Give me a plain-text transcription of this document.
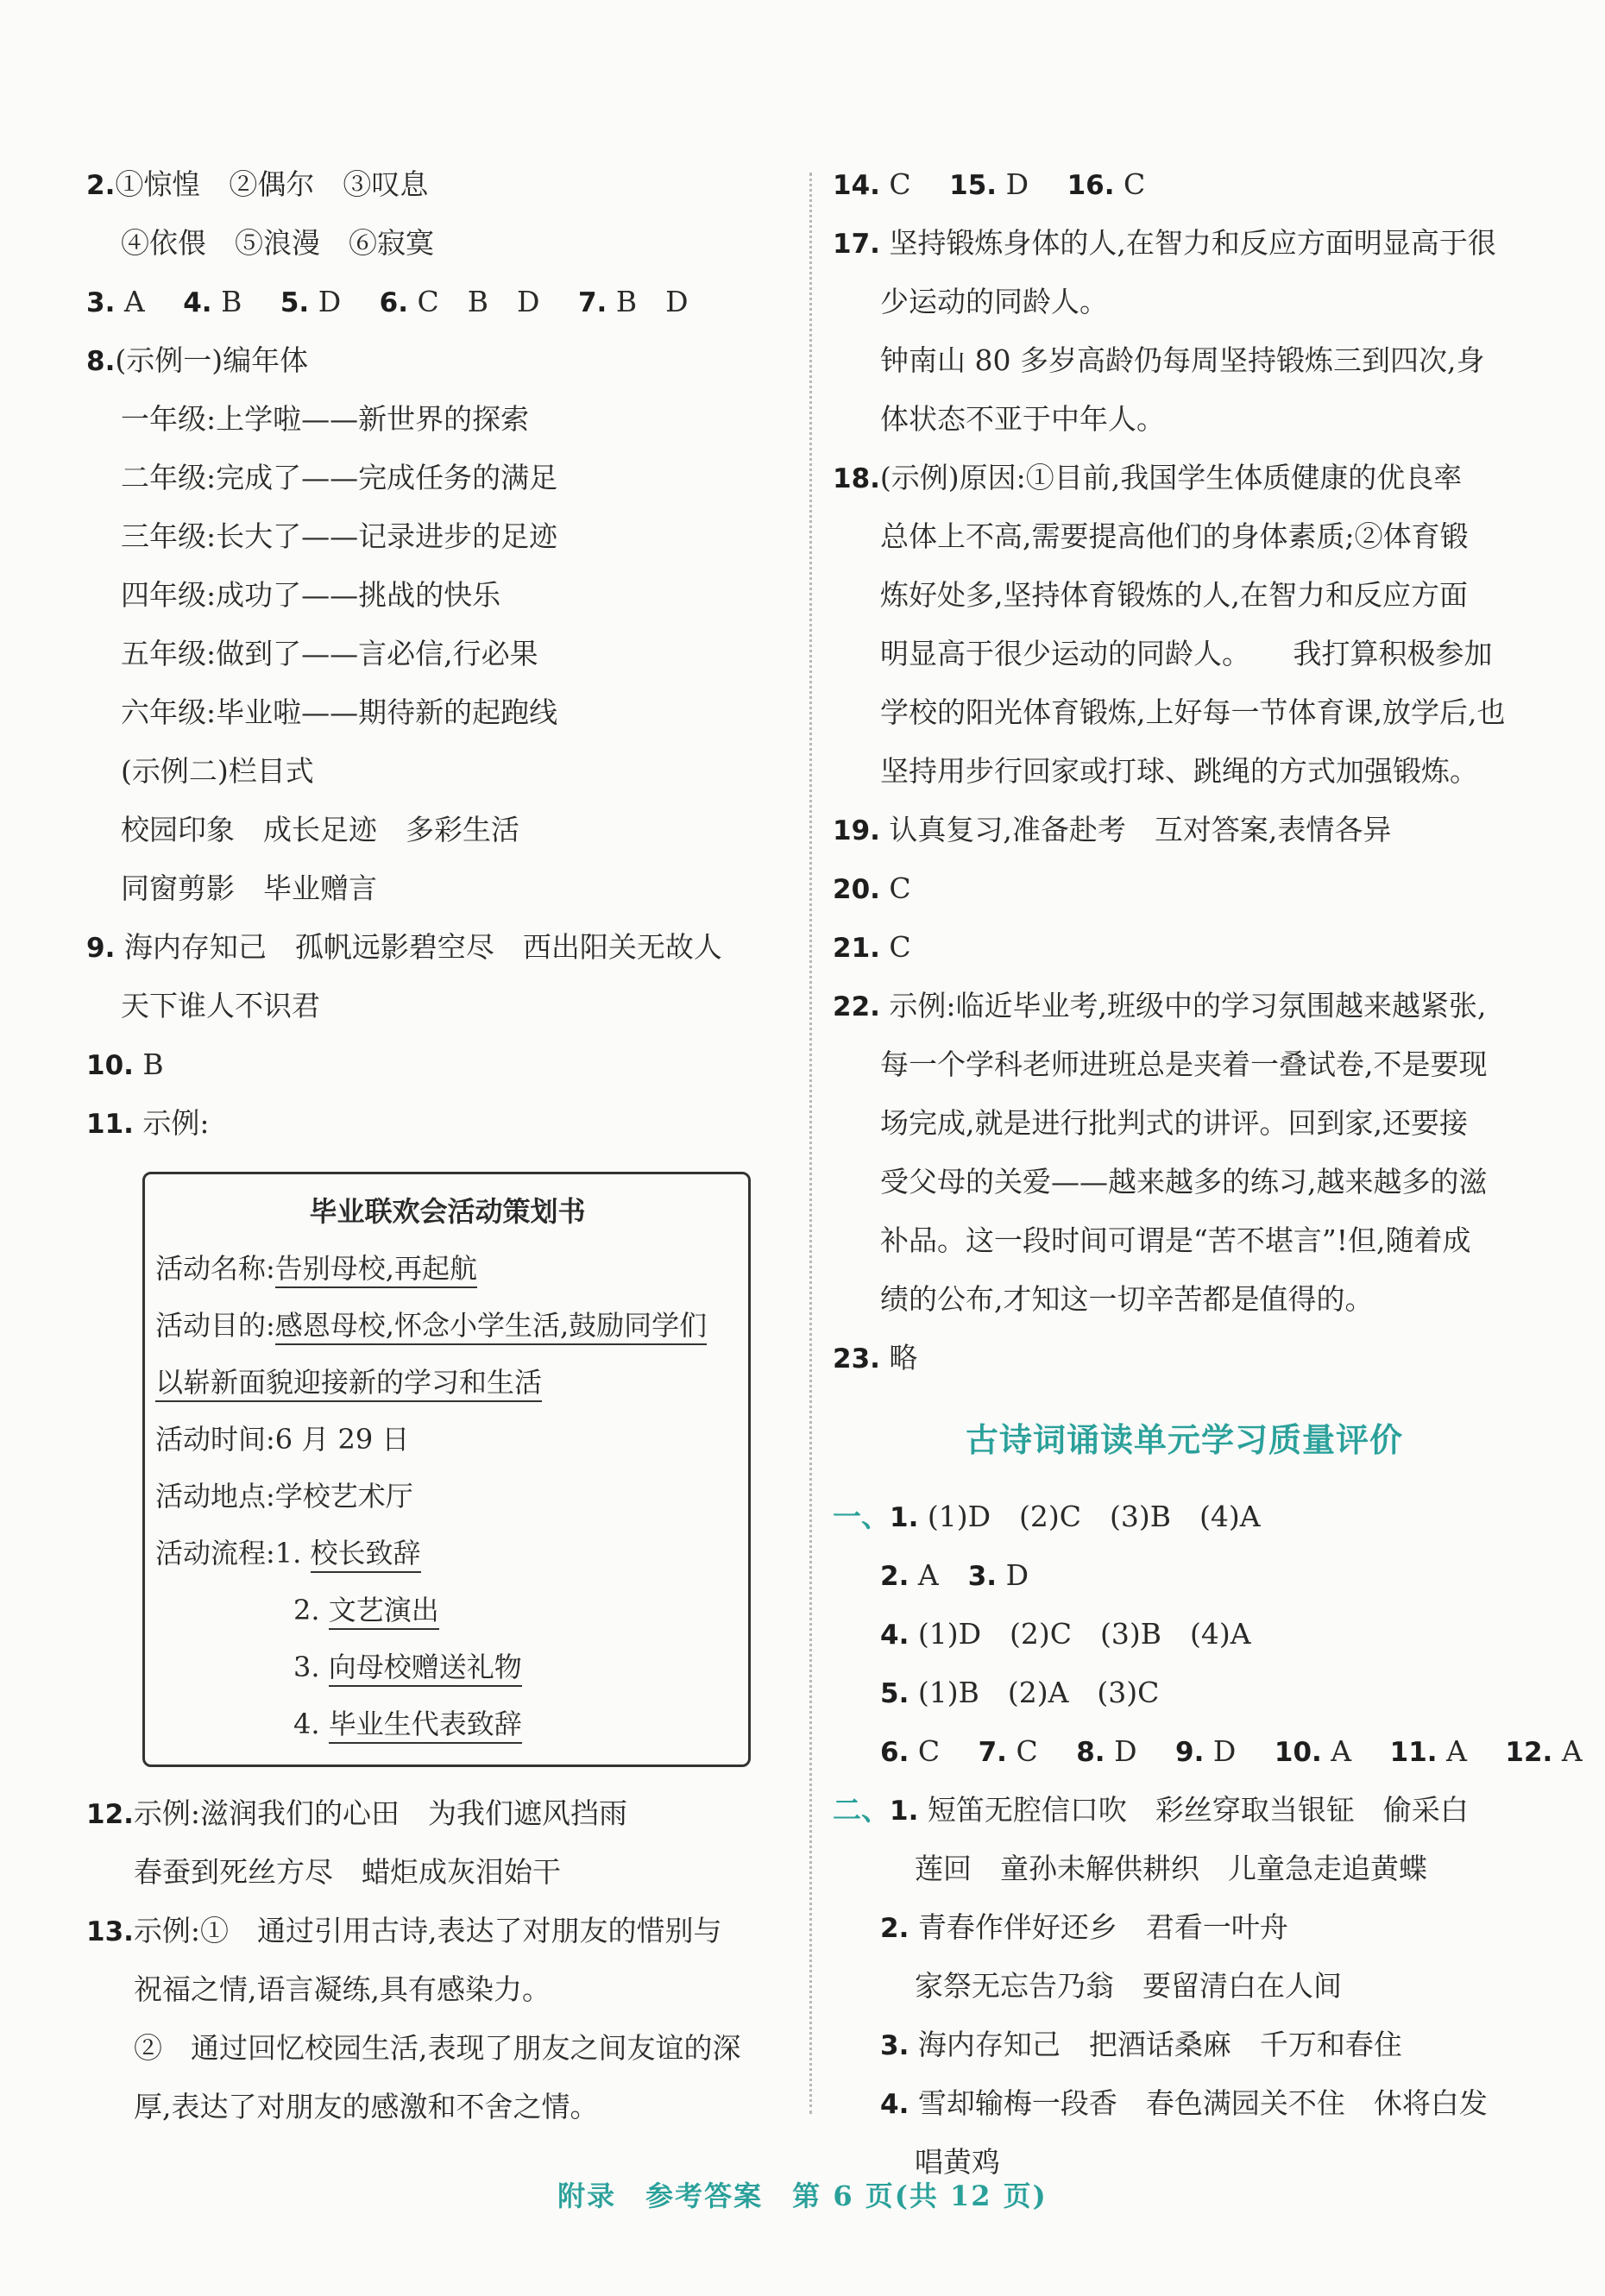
2.①惊惶　②偶尔　③叹息
④依偎　⑤浪漫　⑥寂寞
3. A 4. B 5. D 6. C　B　D 7. B　D
8.(示例一)编年体
一年级:上学啦——新世界的探索
二年级:完成了——完成任务的满足
三年级:长大了——记录进步的足迹
四年级:成功了——挑战的快乐
五年级:做到了——言必信,行必果
六年级:毕业啦——期待新的起跑线
(示例二)栏目式
校园印象　成长足迹　多彩生活
同窗剪影　毕业赠言
9. 海内存知己　孤帆远影碧空尽　西出阳关无故人
天下谁人不识君
10. B
11. 示例:
毕业联欢会活动策划书
活动名称:告别母校,再起航
活动目的:感恩母校,怀念小学生活,鼓励同学们
以崭新面貌迎接新的学习和生活
活动时间:6 月 29 日
活动地点:学校艺术厅
活动流程:1. 校长致辞
2. 文艺演出
3. 向母校赠送礼物
4. 毕业生代表致辞
12.示例:滋润我们的心田　为我们遮风挡雨
春蚕到死丝方尽　蜡炬成灰泪始干
13.示例:①　通过引用古诗,表达了对朋友的惜别与
祝福之情,语言凝练,具有感染力。
②　通过回忆校园生活,表现了朋友之间友谊的深
厚,表达了对朋友的感激和不舍之情。
14. C 15. D 16. C
17. 坚持锻炼身体的人,在智力和反应方面明显高于很
少运动的同龄人。
钟南山 80 多岁高龄仍每周坚持锻炼三到四次,身
体状态不亚于中年人。
18.(示例)原因:①目前,我国学生体质健康的优良率
总体上不高,需要提高他们的身体素质;②体育锻
炼好处多,坚持体育锻炼的人,在智力和反应方面
明显高于很少运动的同龄人。　　我打算积极参加
学校的阳光体育锻炼,上好每一节体育课,放学后,也
坚持用步行回家或打球、跳绳的方式加强锻炼。
19. 认真复习,准备赴考　互对答案,表情各异
20. C
21. C
22. 示例:临近毕业考,班级中的学习氛围越来越紧张,
每一个学科老师进班总是夹着一叠试卷,不是要现
场完成,就是进行批判式的讲评。回到家,还要接
受父母的关爱——越来越多的练习,越来越多的滋
补品。这一段时间可谓是“苦不堪言”!但,随着成
绩的公布,才知这一切辛苦都是值得的。
23. 略
古诗词诵读单元学习质量评价
一、1. (1)D　(2)C　(3)B　(4)A
2. A 3. D
4. (1)D　(2)C　(3)B　(4)A
5. (1)B　(2)A　(3)C
6. C 7. C 8. D 9. D 10. A 11. A 12. A
二、1. 短笛无腔信口吹　彩丝穿取当银钲　偷采白
莲回　童孙未解供耕织　儿童急走追黄蝶
2. 青春作伴好还乡　君看一叶舟
家祭无忘告乃翁　要留清白在人间
3. 海内存知己　把酒话桑麻　千万和春住
4. 雪却输梅一段香　春色满园关不住　休将白发
唱黄鸡
附录　参考答案　第 6 页(共 12 页)
